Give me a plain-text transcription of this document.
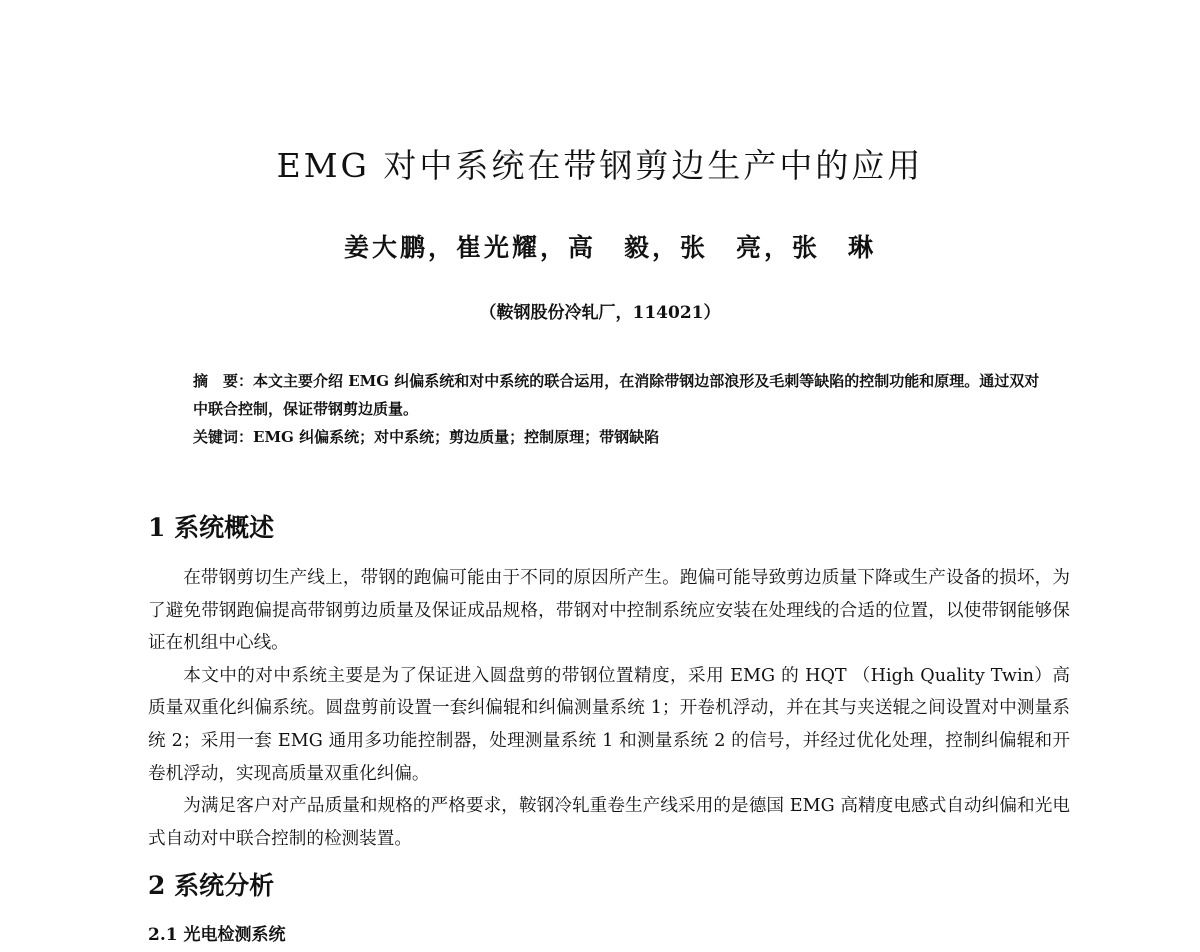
EMG 对中系统在带钢剪边生产中的应用
姜大鹏，崔光耀，高　毅，张　亮，张　琳
（鞍钢股份冷轧厂，114021）

摘　要：本文主要介绍 EMG 纠偏系统和对中系统的联合运用，在消除带钢边部浪形及毛刺等缺陷的控制功能和原理。通过双对中联合控制，保证带钢剪边质量。

关键词：EMG 纠偏系统；对中系统；剪边质量；控制原理；带钢缺陷

1 系统概述

在带钢剪切生产线上，带钢的跑偏可能由于不同的原因所产生。跑偏可能导致剪边质量下降或生产设备的损坏，为了避免带钢跑偏提高带钢剪边质量及保证成品规格，带钢对中控制系统应安装在处理线的合适的位置，以使带钢能够保证在机组中心线。

本文中的对中系统主要是为了保证进入圆盘剪的带钢位置精度，采用 EMG 的 HQT （High Quality Twin）高质量双重化纠偏系统。圆盘剪前设置一套纠偏辊和纠偏测量系统 1；开卷机浮动，并在其与夹送辊之间设置对中测量系统 2；采用一套 EMG 通用多功能控制器，处理测量系统 1 和测量系统 2 的信号，并经过优化处理，控制纠偏辊和开卷机浮动，实现高质量双重化纠偏。

为满足客户对产品质量和规格的严格要求，鞍钢冷轧重卷生产线采用的是德国 EMG 高精度电感式自动纠偏和光电式自动对中联合控制的检测装置。

2 系统分析
2.1 光电检测系统
